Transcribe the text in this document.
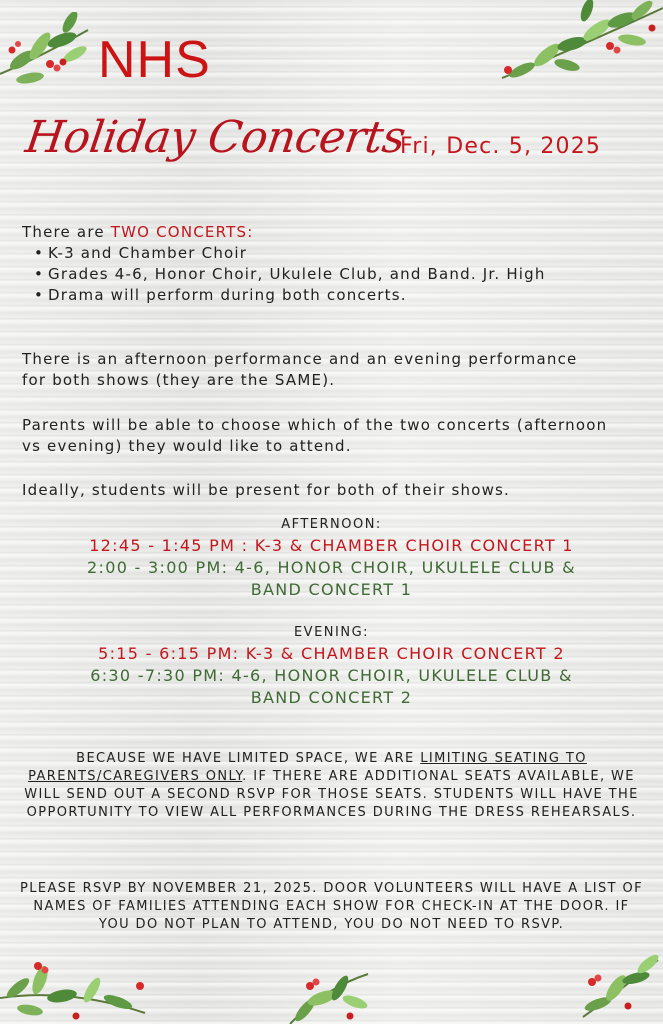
NHS
Holiday Concerts
Fri, Dec. 5, 2025
There are TWO CONCERTS:
• K-3 and Chamber Choir
• Grades 4-6, Honor Choir, Ukulele Club, and Band. Jr. High
• Drama will perform during both concerts.
There is an afternoon performance and an evening performance for both shows (they are the SAME).
Parents will be able to choose which of the two concerts (afternoon vs evening) they would like to attend.
Ideally, students will be present for both of their shows.
AFTERNOON:
12:45 - 1:45 PM : K-3 & CHAMBER CHOIR CONCERT 1
2:00 - 3:00 PM: 4-6, HONOR CHOIR, UKULELE CLUB &
BAND CONCERT 1
EVENING:
5:15 - 6:15 PM: K-3 & CHAMBER CHOIR CONCERT 2
6:30 -7:30 PM: 4-6, HONOR CHOIR, UKULELE CLUB &
BAND CONCERT 2
BECAUSE WE HAVE LIMITED SPACE, WE ARE LIMITING SEATING TO PARENTS/CAREGIVERS ONLY. IF THERE ARE ADDITIONAL SEATS AVAILABLE, WE WILL SEND OUT A SECOND RSVP FOR THOSE SEATS. STUDENTS WILL HAVE THE OPPORTUNITY TO VIEW ALL PERFORMANCES DURING THE DRESS REHEARSALS.
PLEASE RSVP BY NOVEMBER 21, 2025. DOOR VOLUNTEERS WILL HAVE A LIST OF NAMES OF FAMILIES ATTENDING EACH SHOW FOR CHECK-IN AT THE DOOR. IF YOU DO NOT PLAN TO ATTEND, YOU DO NOT NEED TO RSVP.
